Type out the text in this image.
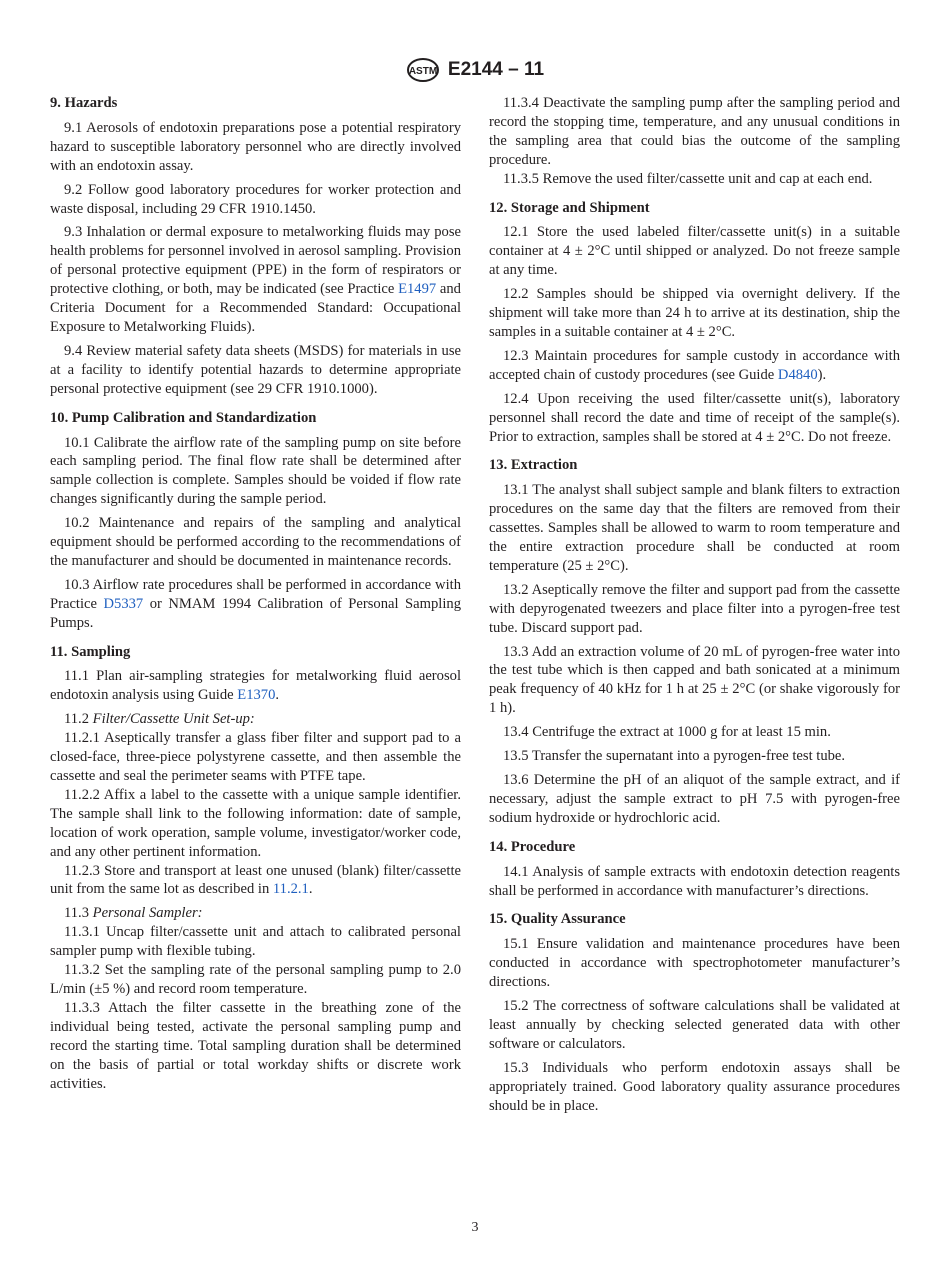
ASTM E2144 – 11
9. Hazards

9.1 Aerosols of endotoxin preparations pose a potential respiratory hazard to susceptible laboratory personnel who are directly involved with an endotoxin assay.

9.2 Follow good laboratory procedures for worker protection and waste disposal, including 29 CFR 1910.1450.

9.3 Inhalation or dermal exposure to metalworking fluids may pose health problems for personnel involved in aerosol sampling. Provision of personal protective equipment (PPE) in the form of respirators or protective clothing, or both, may be indicated (see Practice E1497 and Criteria Document for a Recommended Standard: Occupational Exposure to Metalworking Fluids).

9.4 Review material safety data sheets (MSDS) for materials in use at a facility to identify potential hazards to determine appropriate personal protective equipment (see 29 CFR 1910.1000).

10. Pump Calibration and Standardization

10.1 Calibrate the airflow rate of the sampling pump on site before each sampling period. The final flow rate shall be determined after sample collection is complete. Samples should be voided if flow rate changes significantly during the sample period.

10.2 Maintenance and repairs of the sampling and analytical equipment should be performed according to the recommendations of the manufacturer and should be documented in maintenance records.

10.3 Airflow rate procedures shall be performed in accordance with Practice D5337 or NMAM 1994 Calibration of Personal Sampling Pumps.

11. Sampling

11.1 Plan air-sampling strategies for metalworking fluid aerosol endotoxin analysis using Guide E1370.

11.2 Filter/Cassette Unit Set-up:

11.2.1 Aseptically transfer a glass fiber filter and support pad to a closed-face, three-piece polystyrene cassette, and then assemble the cassette and seal the perimeter seams with PTFE tape.

11.2.2 Affix a label to the cassette with a unique sample identifier. The sample shall link to the following information: date of sample, location of work operation, sample volume, investigator/worker code, and any other pertinent information.

11.2.3 Store and transport at least one unused (blank) filter/cassette unit from the same lot as described in 11.2.1.

11.3 Personal Sampler:

11.3.1 Uncap filter/cassette unit and attach to calibrated personal sampler pump with flexible tubing.

11.3.2 Set the sampling rate of the personal sampling pump to 2.0 L/min (±5 %) and record room temperature.

11.3.3 Attach the filter cassette in the breathing zone of the individual being tested, activate the personal sampling pump and record the starting time. Total sampling duration shall be determined on the basis of partial or total workday shifts or discrete work activities.

11.3.4 Deactivate the sampling pump after the sampling period and record the stopping time, temperature, and any unusual conditions in the sampling area that could bias the outcome of the sampling procedure.

11.3.5 Remove the used filter/cassette unit and cap at each end.

12. Storage and Shipment

12.1 Store the used labeled filter/cassette unit(s) in a suitable container at 4 ± 2°C until shipped or analyzed. Do not freeze sample at any time.

12.2 Samples should be shipped via overnight delivery. If the shipment will take more than 24 h to arrive at its destination, ship the samples in a suitable container at 4 ± 2°C.

12.3 Maintain procedures for sample custody in accordance with accepted chain of custody procedures (see Guide D4840).

12.4 Upon receiving the used filter/cassette unit(s), laboratory personnel shall record the date and time of receipt of the sample(s). Prior to extraction, samples shall be stored at 4 ± 2°C. Do not freeze.

13. Extraction

13.1 The analyst shall subject sample and blank filters to extraction procedures on the same day that the filters are removed from their cassettes. Samples shall be allowed to warm to room temperature and the entire extraction procedure shall be conducted at room temperature (25 ± 2°C).

13.2 Aseptically remove the filter and support pad from the cassette with depyrogenated tweezers and place filter into a pyrogen-free test tube. Discard support pad.

13.3 Add an extraction volume of 20 mL of pyrogen-free water into the test tube which is then capped and bath sonicated at a minimum peak frequency of 40 kHz for 1 h at 25 ± 2°C (or shake vigorously for 1 h).

13.4 Centrifuge the extract at 1000 g for at least 15 min.

13.5 Transfer the supernatant into a pyrogen-free test tube.

13.6 Determine the pH of an aliquot of the sample extract, and if necessary, adjust the sample extract to pH 7.5 with pyrogen-free sodium hydroxide or hydrochloric acid.

14. Procedure

14.1 Analysis of sample extracts with endotoxin detection reagents shall be performed in accordance with manufacturer’s directions.

15. Quality Assurance

15.1 Ensure validation and maintenance procedures have been conducted in accordance with spectrophotometer manufacturer’s directions.

15.2 The correctness of software calculations shall be validated at least annually by checking selected generated data with other software or calculators.

15.3 Individuals who perform endotoxin assays shall be appropriately trained. Good laboratory quality assurance procedures should be in place.

3
